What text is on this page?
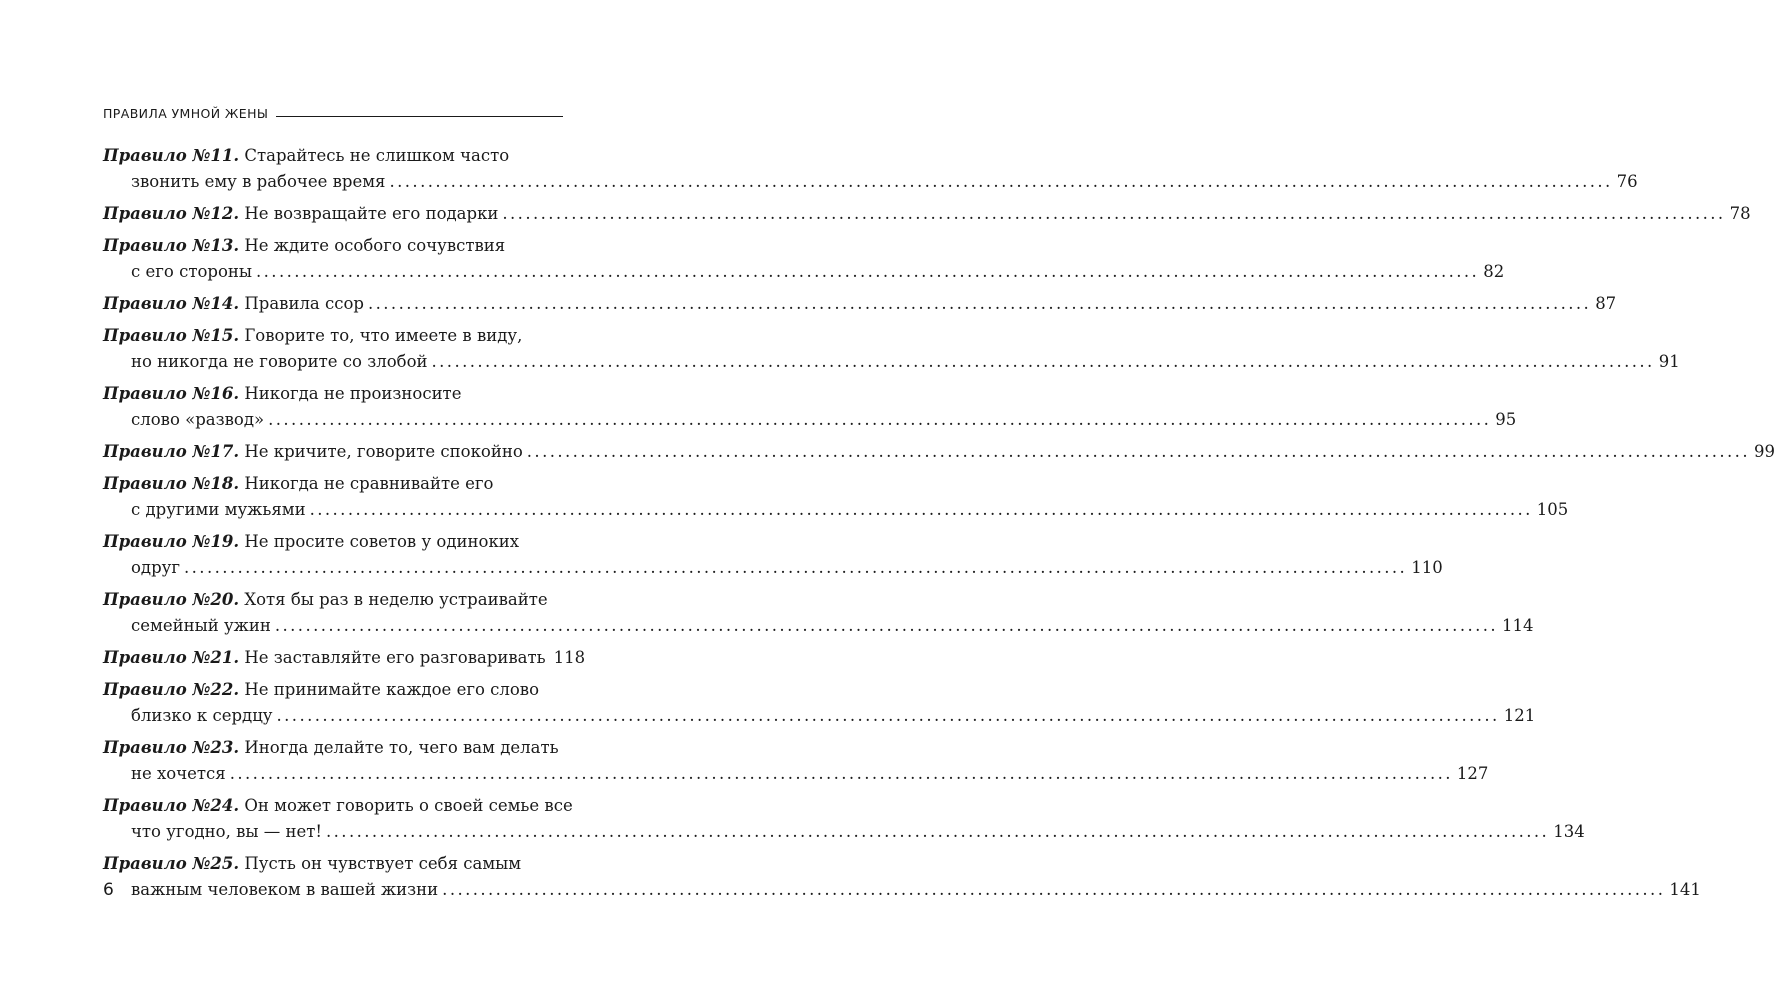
ПРАВИЛА УМНОЙ ЖЕНЫ
Правило №11. Старайтесь не слишком часто
звонить ему в рабочее время ................................................................................................................................................................ 76
Правило №12. Не возвращайте его подарки ................................................................................................................................................................ 78
Правило №13. Не ждите особого сочувствия
с его стороны ................................................................................................................................................................ 82
Правило №14. Правила ссор ................................................................................................................................................................ 87
Правило №15. Говорите то, что имеете в виду,
но никогда не говорите со злобой ................................................................................................................................................................ 91
Правило №16. Никогда не произносите
слово «развод» ................................................................................................................................................................ 95
Правило №17. Не кричите, говорите спокойно ................................................................................................................................................................ 99
Правило №18. Никогда не сравнивайте его
с другими мужьями ................................................................................................................................................................ 105
Правило №19. Не просите советов у одиноких
одруг ................................................................................................................................................................ 110
Правило №20. Хотя бы раз в неделю устраивайте
семейный ужин ................................................................................................................................................................ 114
Правило №21. Не заставляйте его разговаривать 118
Правило №22. Не принимайте каждое его слово
близко к сердцу ................................................................................................................................................................ 121
Правило №23. Иногда делайте то, чего вам делать
не хочется ................................................................................................................................................................ 127
Правило №24. Он может говорить о своей семье все
что угодно, вы — нет! ................................................................................................................................................................ 134
Правило №25. Пусть он чувствует себя самым
важным человеком в вашей жизни ................................................................................................................................................................ 141
6
